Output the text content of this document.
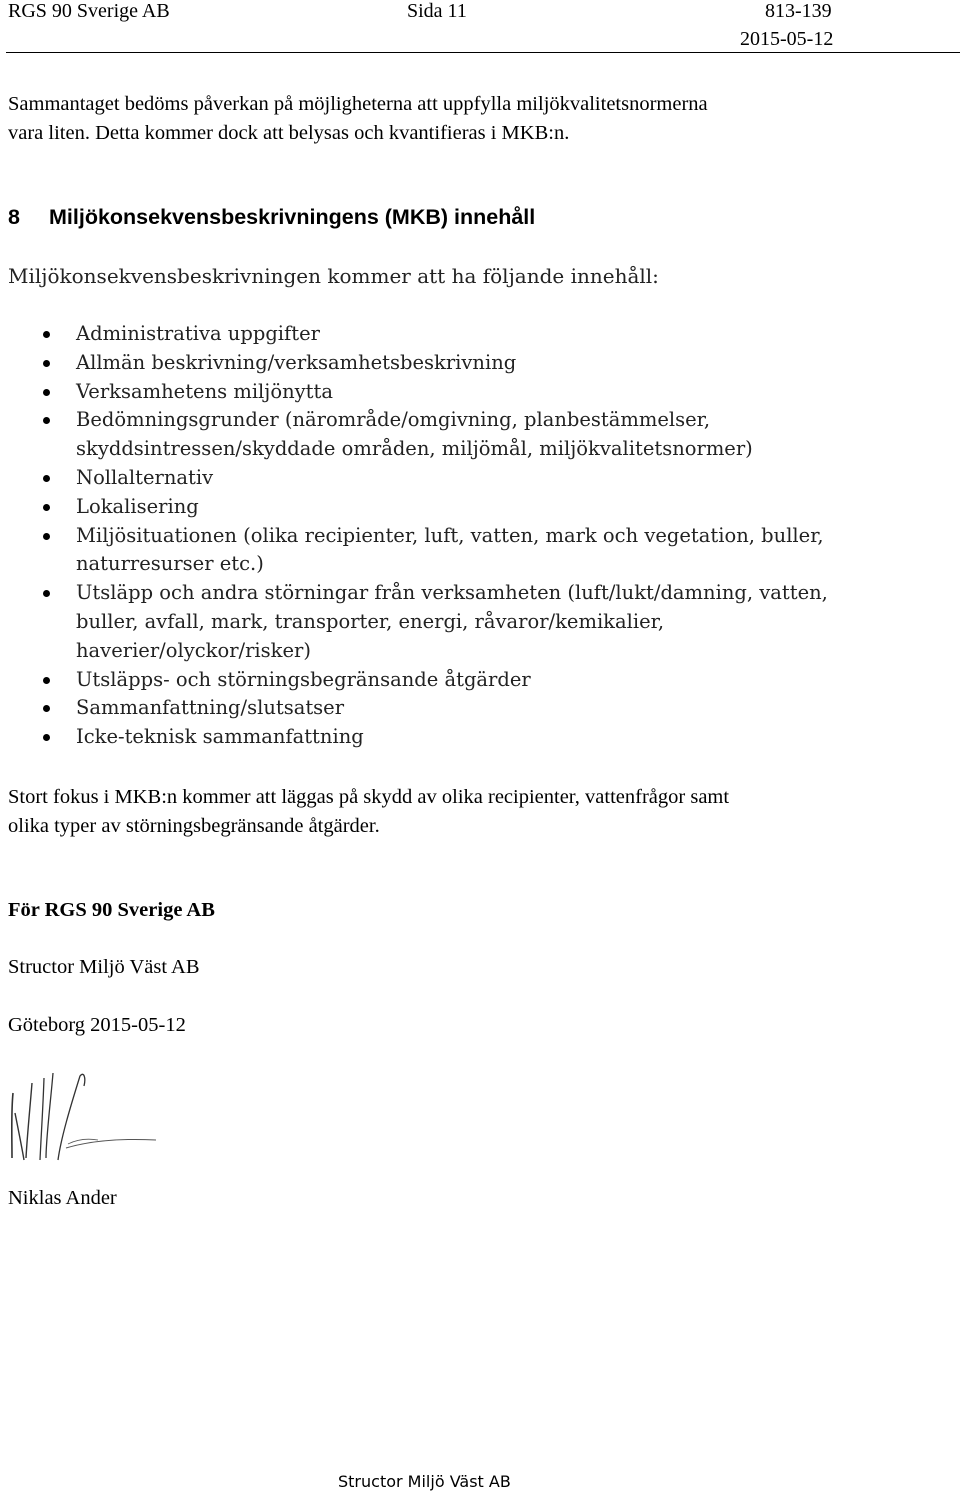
RGS 90 Sverige AB	Sida 11	813-139
2015-05-12
Sammantaget bedöms påverkan på möjligheterna att uppfylla miljökvalitetsnormerna
vara liten. Detta kommer dock att belysas och kvantifieras i MKB:n.
8 Miljökonsekvensbeskrivningens (MKB) innehåll
Miljökonsekvensbeskrivningen kommer att ha följande innehåll:
Administrativa uppgifter
Allmän beskrivning/verksamhetsbeskrivning
Verksamhetens miljönytta
Bedömningsgrunder (närområde/omgivning, planbestämmelser,
skyddsintressen/skyddade områden, miljömål, miljökvalitetsnormer)
Nollalternativ
Lokalisering
Miljösituationen (olika recipienter, luft, vatten, mark och vegetation, buller,
naturresurser etc.)
Utsläpp och andra störningar från verksamheten (luft/lukt/damning, vatten,
buller, avfall, mark, transporter, energi, råvaror/kemikalier,
haverier/olyckor/risker)
Utsläpps- och störningsbegränsande åtgärder
Sammanfattning/slutsatser
Icke-teknisk sammanfattning
Stort fokus i MKB:n kommer att läggas på skydd av olika recipienter, vattenfrågor samt
olika typer av störningsbegränsande åtgärder.
För RGS 90 Sverige AB
Structor Miljö Väst AB
Göteborg 2015-05-12
Niklas Ander
Structor Miljö Väst AB
